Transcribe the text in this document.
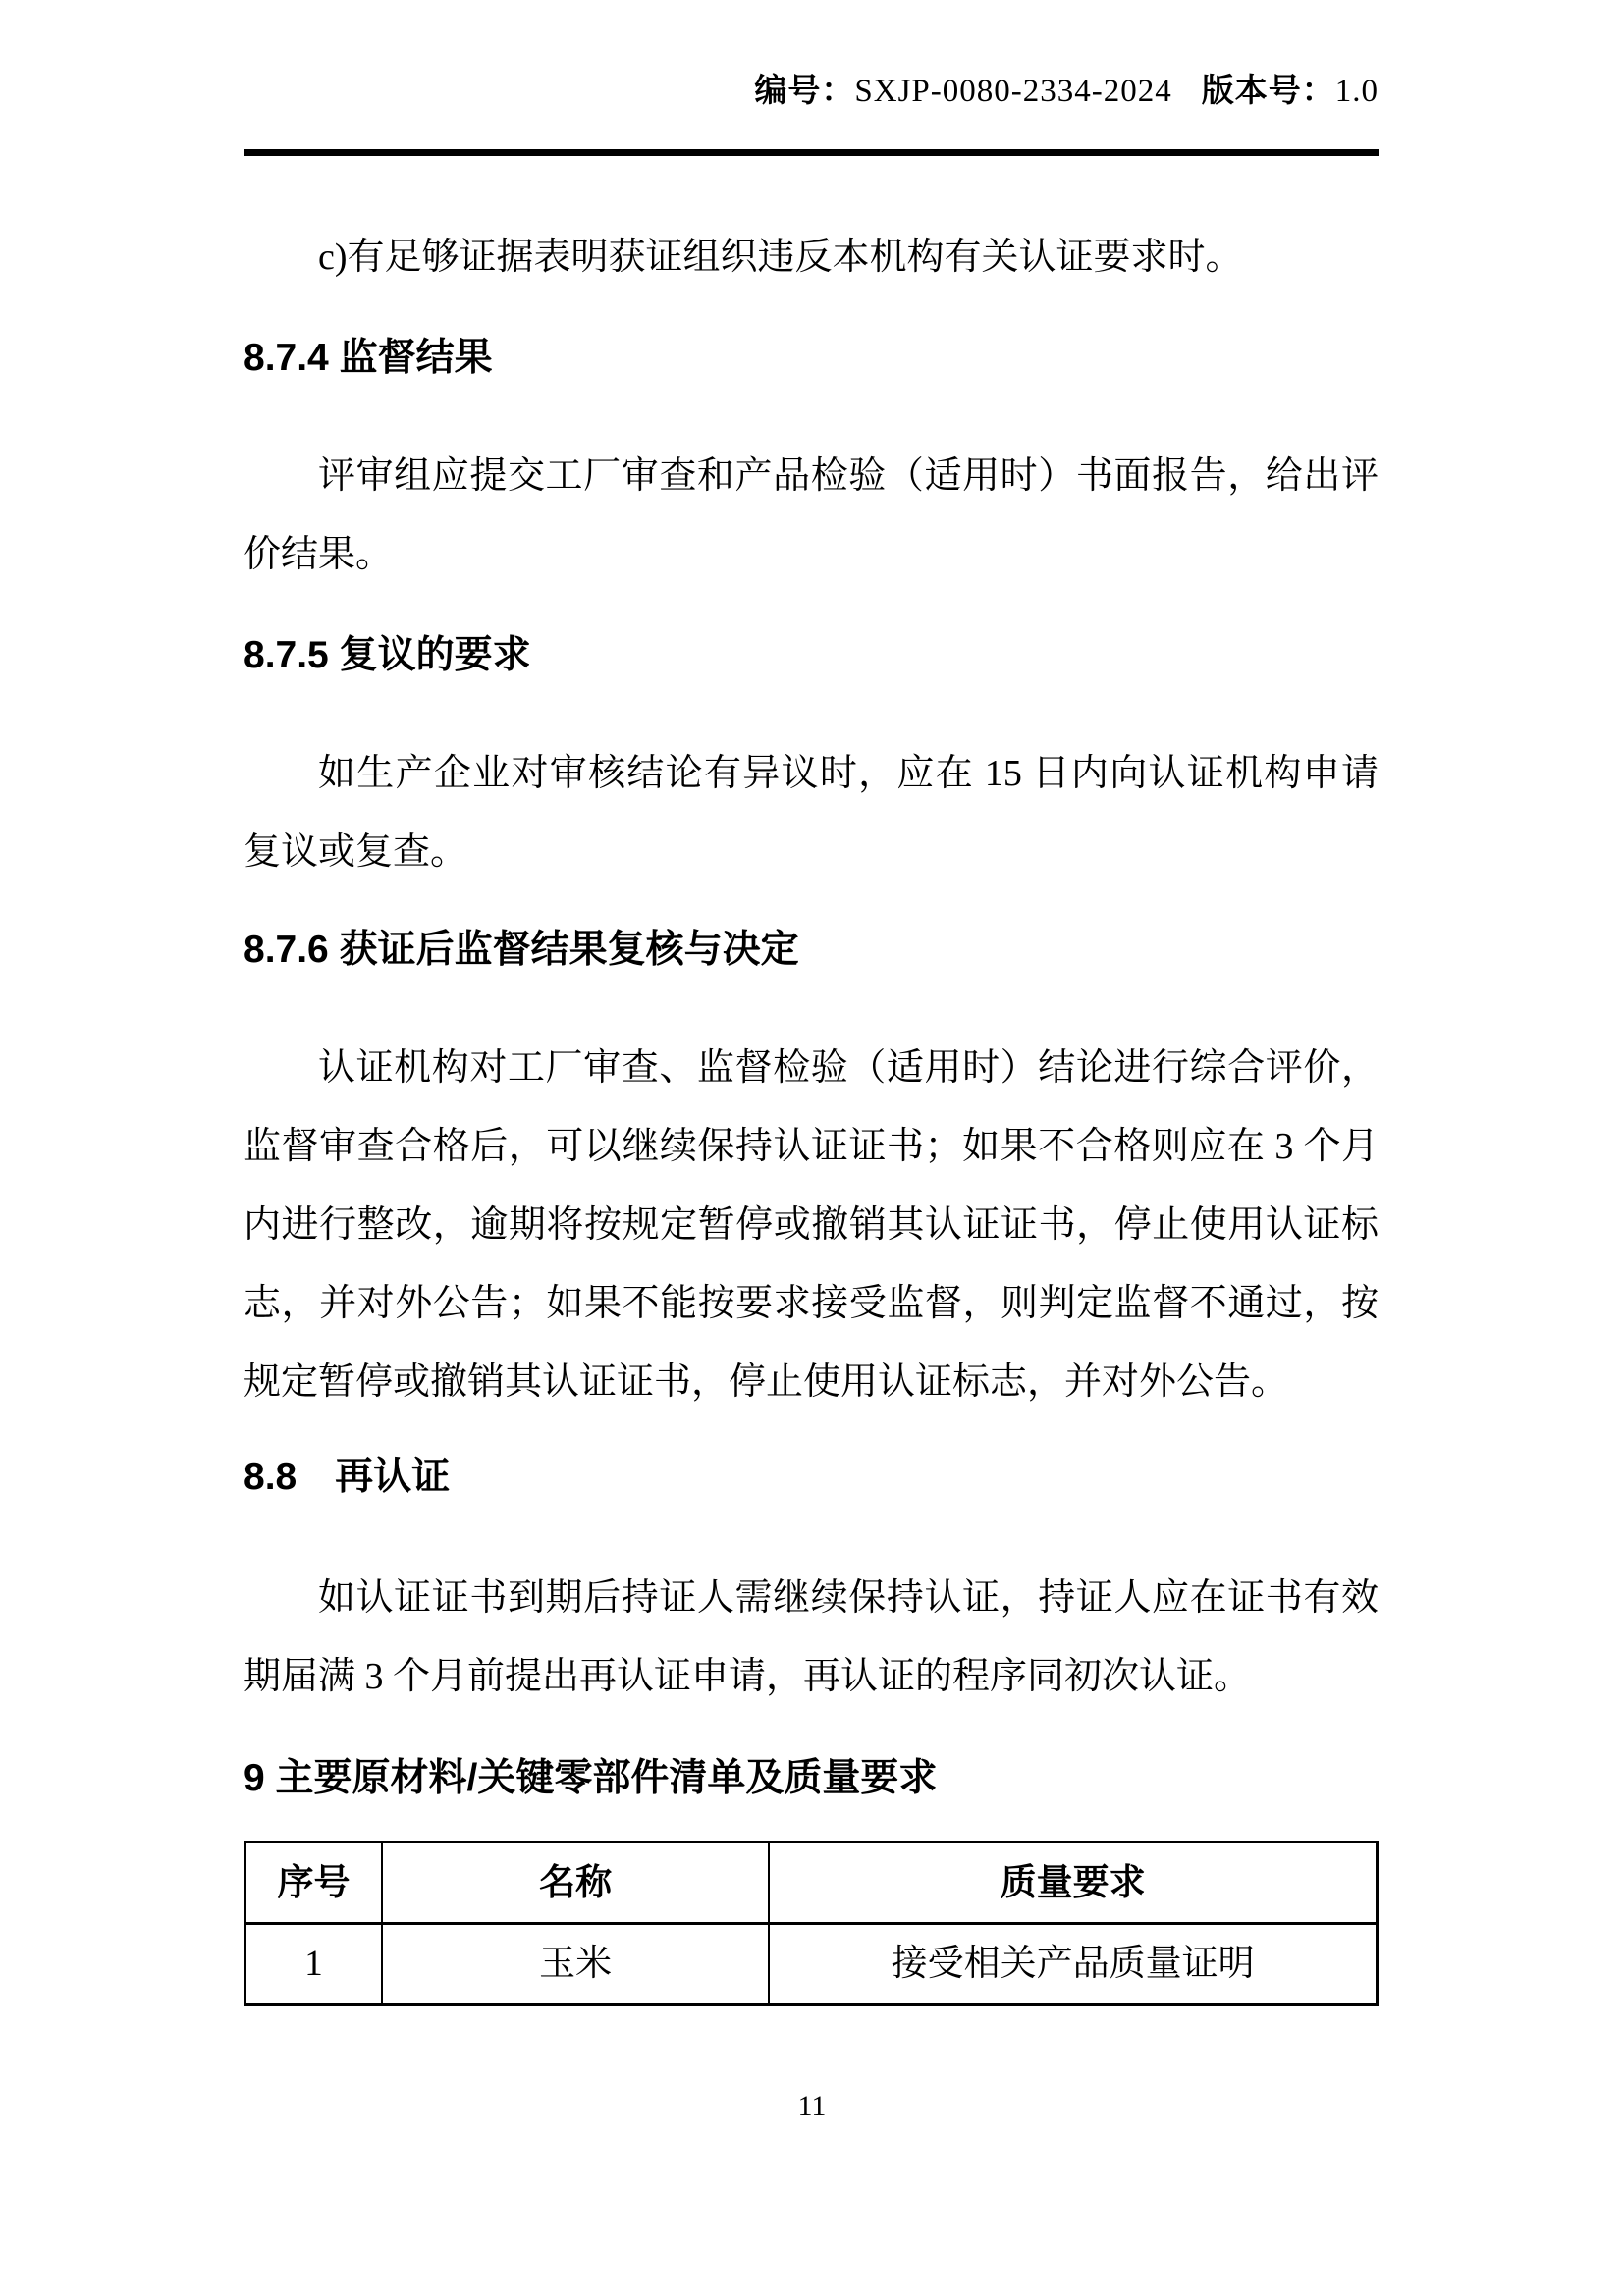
编号：SXJP-0080-2334-2024 版本号：1.0

c)有足够证据表明获证组织违反本机构有关认证要求时。

8.7.4 监督结果

评审组应提交工厂审查和产品检验（适用时）书面报告，给出评价结果。

8.7.5 复议的要求

如生产企业对审核结论有异议时，应在 15 日内向认证机构申请复议或复查。

8.7.6 获证后监督结果复核与决定

认证机构对工厂审查、监督检验（适用时）结论进行综合评价，监督审查合格后，可以继续保持认证证书；如果不合格则应在 3 个月内进行整改，逾期将按规定暂停或撤销其认证证书，停止使用认证标志，并对外公告；如果不能按要求接受监督，则判定监督不通过，按规定暂停或撤销其认证证书，停止使用认证标志，并对外公告。

8.8　再认证

如认证证书到期后持证人需继续保持认证，持证人应在证书有效期届满 3 个月前提出再认证申请，再认证的程序同初次认证。

9 主要原材料/关键零部件清单及质量要求
序号	名称	质量要求
1	玉米	接受相关产品质量证明
11
